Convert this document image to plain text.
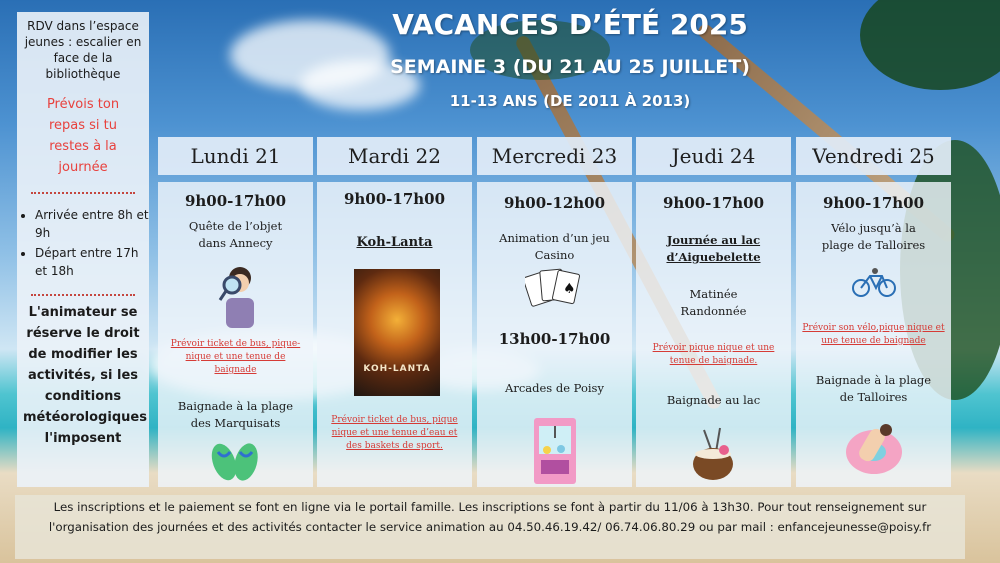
VACANCES D’ÉTÉ 2025
SEMAINE 3 (DU 21 AU 25 JUILLET)
11-13 ANS (DE 2011 À 2013)
RDV dans l’espace jeunes : escalier en face de la bibliothèque
Prévois ton repas si tu restes à la journée
• Arrivée entre 8h et 9h
• Départ entre 17h et 18h
L'animateur se réserve le droit de modifier les activités, si les conditions météorologiques l'imposent
Lundi 21
9h00-17h00
Quête de l’objet dans Annecy
Prévoir ticket de bus, pique-nique et une tenue de baignade
Baignade à la plage des Marquisats
Mardi 22
9h00-17h00
Koh-Lanta
KOH-LANTA
Prévoir ticket de bus, pique nique et une tenue d’eau et des baskets de sport.
Mercredi 23
9h00-12h00
Animation d’un jeu Casino
♠
13h00-17h00
Arcades de Poisy
Jeudi 24
9h00-17h00
Journée au lac d’Aiguebelette
Matinée Randonnée
Prévoir pique nique et une tenue de baignade.
Baignade au lac
Vendredi 25
9h00-17h00
Vélo jusqu’à la plage de Talloires
Prévoir son vélo,pique nique et une tenue de baignade
Baignade à la plage de Talloires
Les inscriptions et le paiement se font en ligne via le portail famille. Les inscriptions se font à partir du 11/06 à 13h30. Pour tout renseignement sur l'organisation des journées et des activités contacter le service animation au 04.50.46.19.42/ 06.74.06.80.29 ou par mail : enfancejeunesse@poisy.fr
